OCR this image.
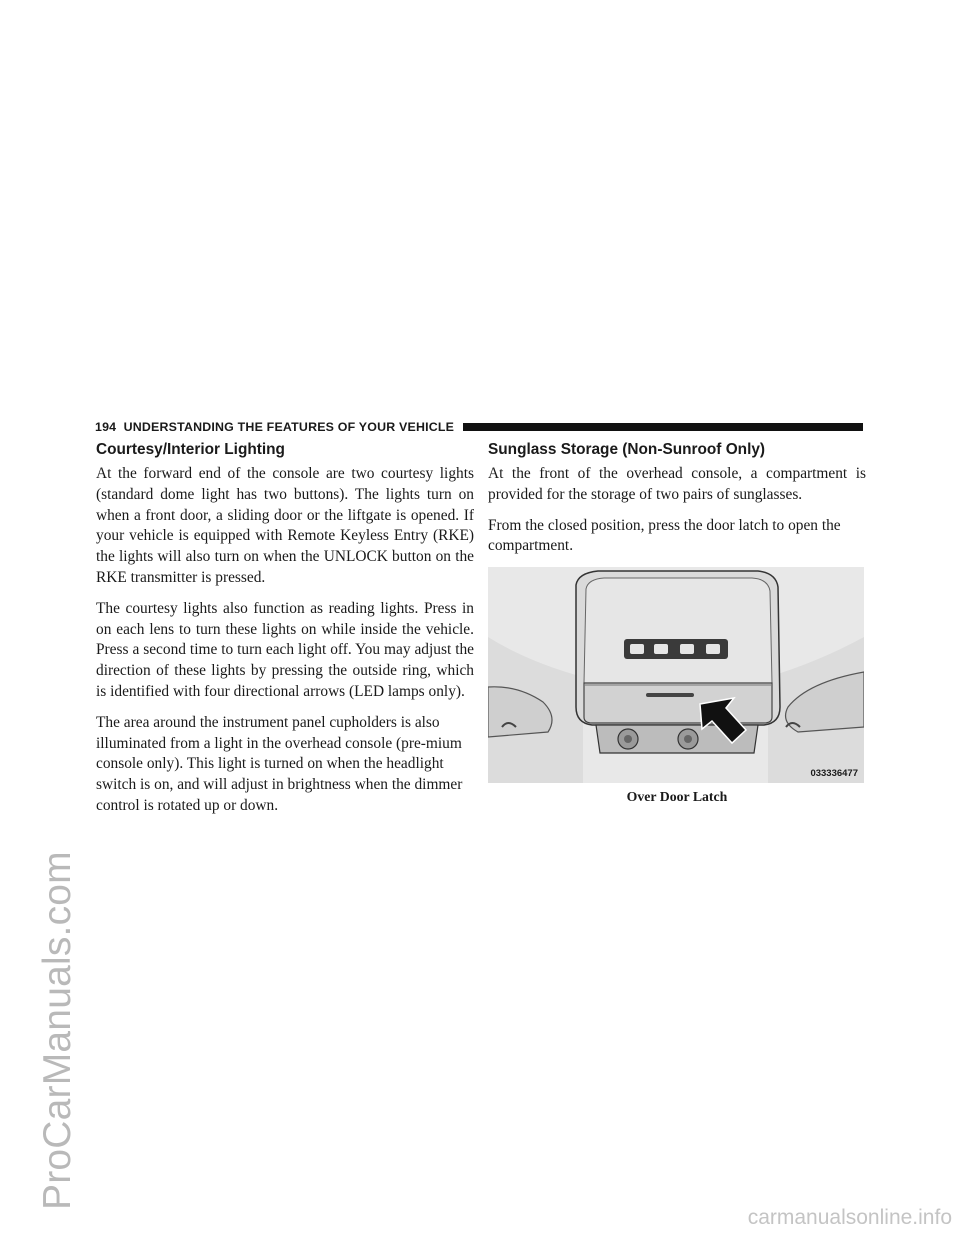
ProCarManuals.com
194 UNDERSTANDING THE FEATURES OF YOUR VEHICLE
Courtesy/Interior Lighting

At the forward end of the console are two courtesy lights (standard dome light has two buttons). The lights turn on when a front door, a sliding door or the liftgate is opened. If your vehicle is equipped with Remote Keyless Entry (RKE) the lights will also turn on when the UNLOCK button on the RKE transmitter is pressed.

The courtesy lights also function as reading lights. Press in on each lens to turn these lights on while inside the vehicle. Press a second time to turn each light off. You may adjust the direction of these lights by pressing the outside ring, which is identified with four directional arrows (LED lamps only).

The area around the instrument panel cupholders is also illuminated from a light in the overhead console (pre-mium console only). This light is turned on when the headlight switch is on, and will adjust in brightness when the dimmer control is rotated up or down.

Sunglass Storage (Non-Sunroof Only)

At the front of the overhead console, a compartment is provided for the storage of two pairs of sunglasses.

From the closed position, press the door latch to open the compartment.

033336477
Over Door Latch
carmanualsonline.info
